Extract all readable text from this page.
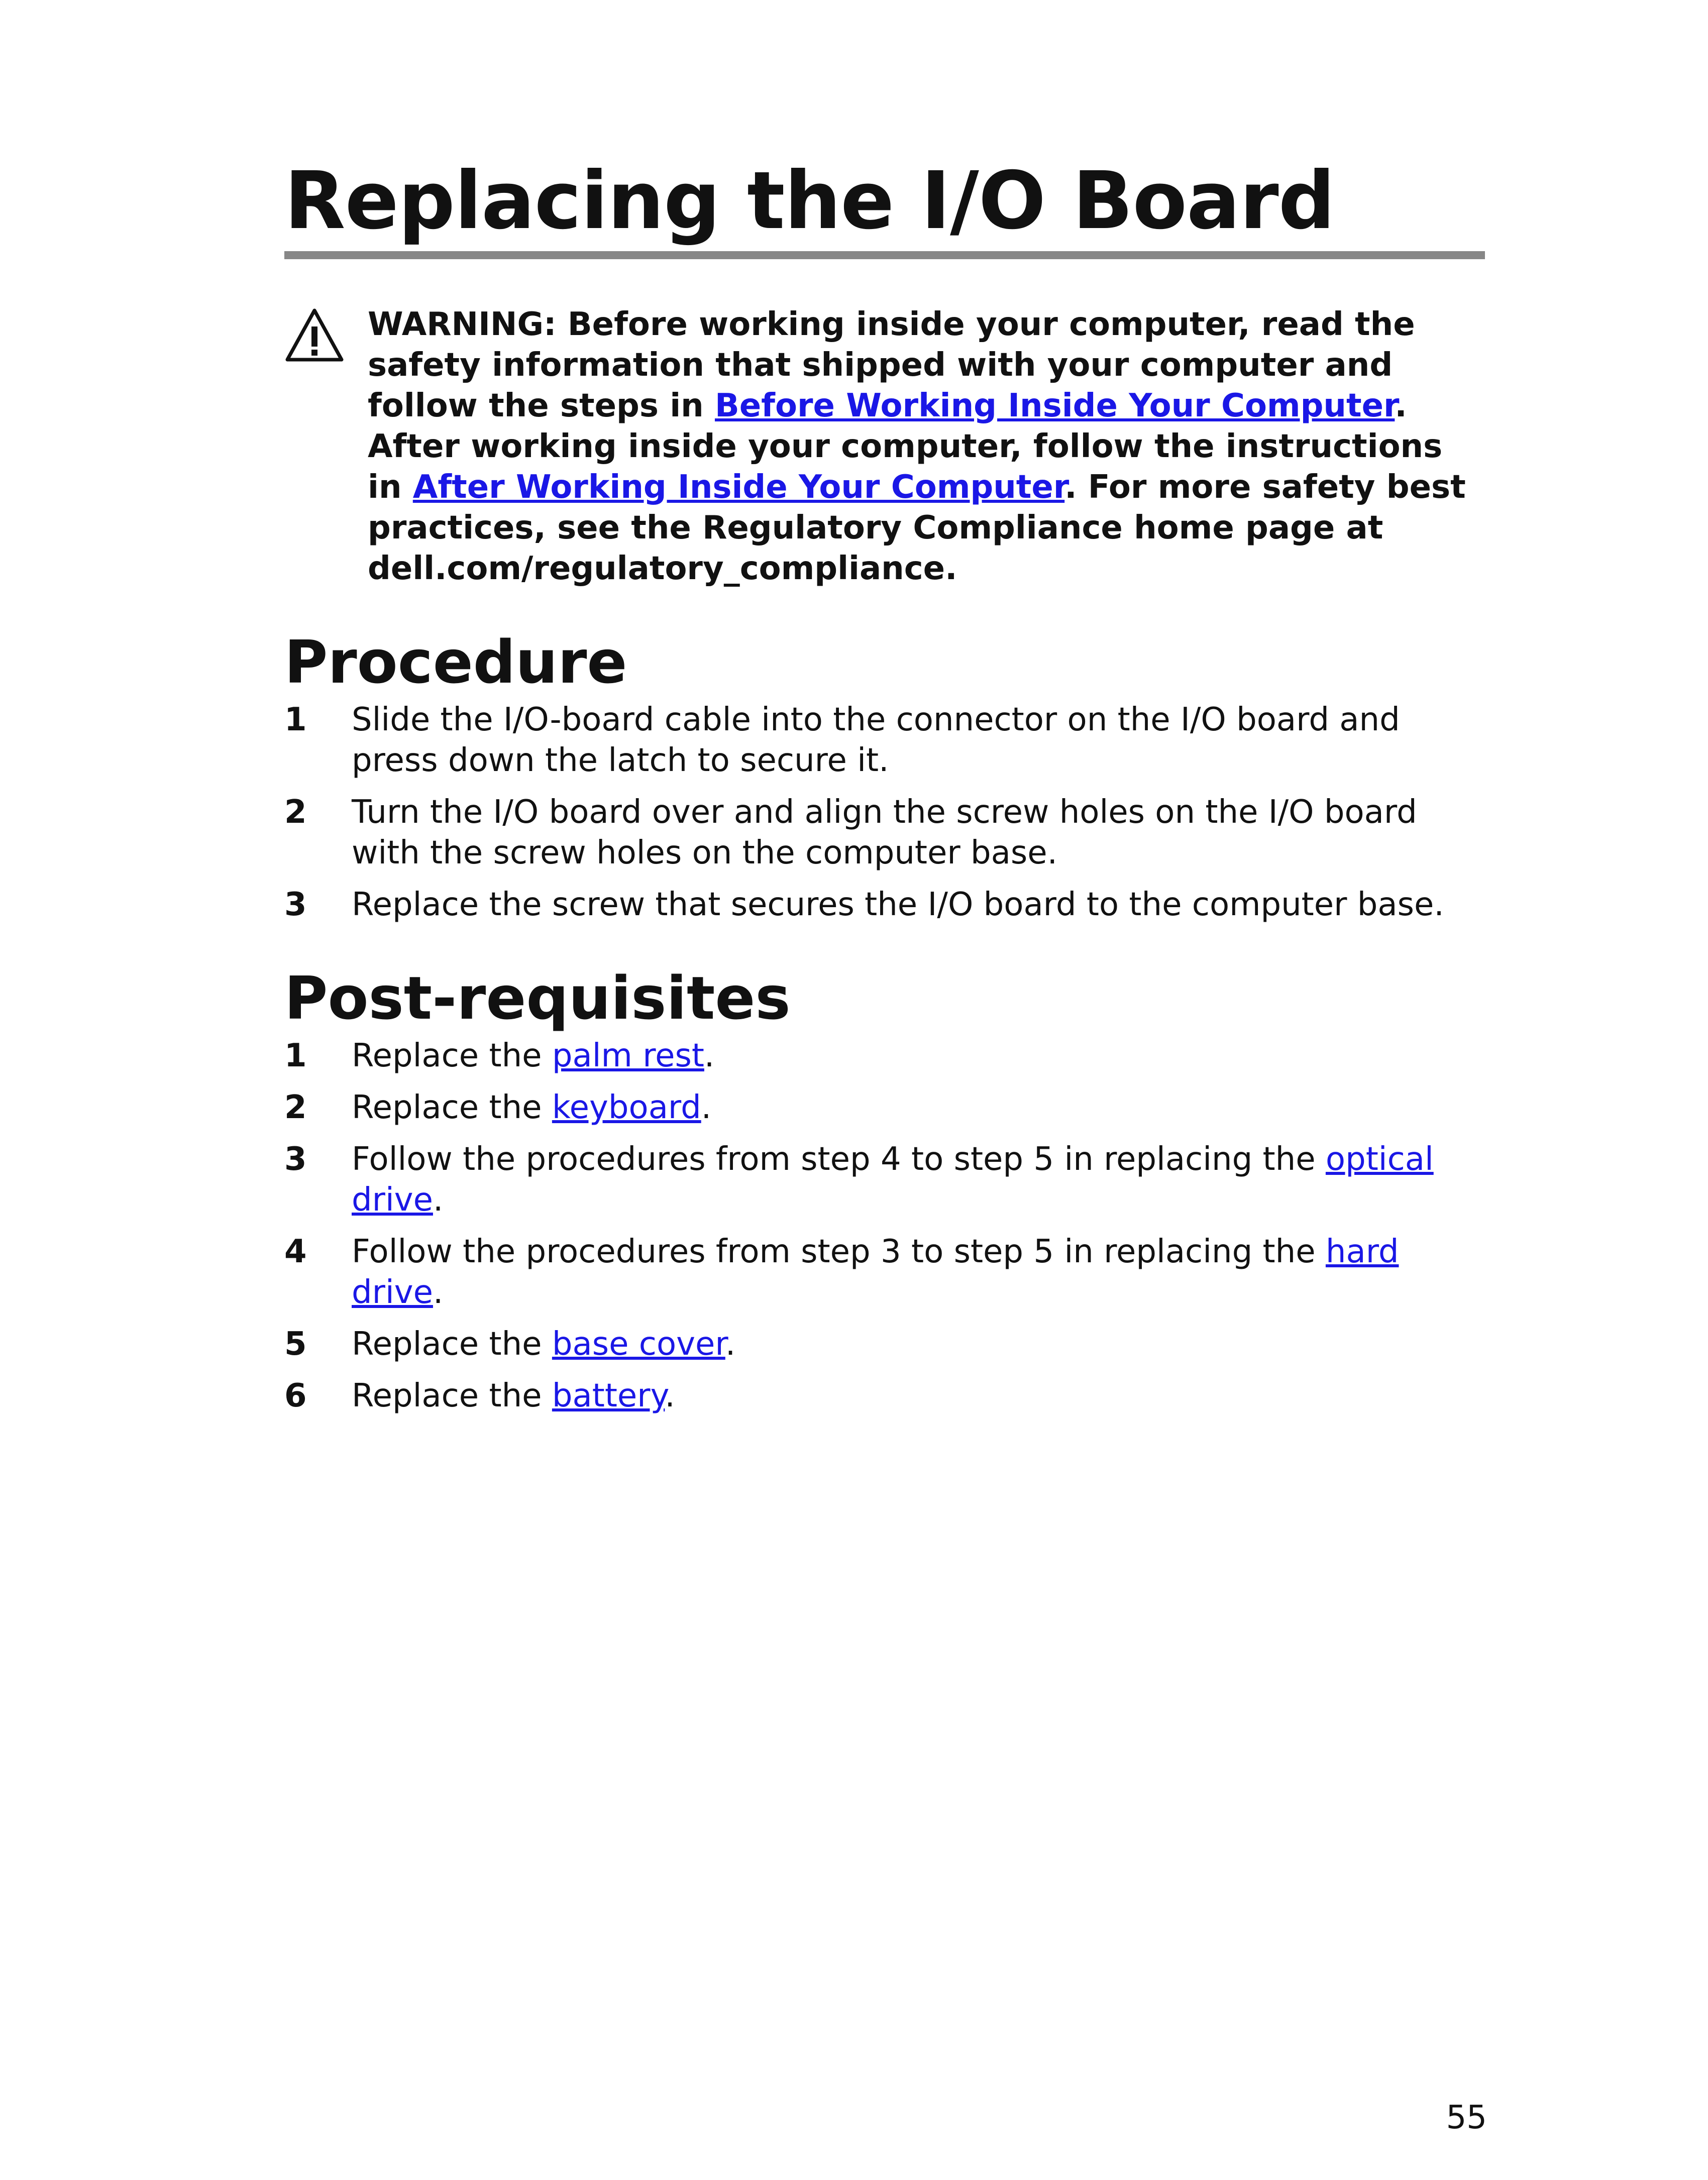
Replacing the I/O Board
WARNING: Before working inside your computer, read the safety information that shipped with your computer and follow the steps in Before Working Inside Your Computer. After working inside your computer, follow the instructions in After Working Inside Your Computer. For more safety best practices, see the Regulatory Compliance home page at dell.com/regulatory_compliance.
Procedure
1 Slide the I/O-board cable into the connector on the I/O board and press down the latch to secure it.
2 Turn the I/O board over and align the screw holes on the I/O board with the screw holes on the computer base.
3 Replace the screw that secures the I/O board to the computer base.
Post-requisites
1 Replace the palm rest.
2 Replace the keyboard.
3 Follow the procedures from step 4 to step 5 in replacing the optical drive.
4 Follow the procedures from step 3 to step 5 in replacing the hard drive.
5 Replace the base cover.
6 Replace the battery.
55
